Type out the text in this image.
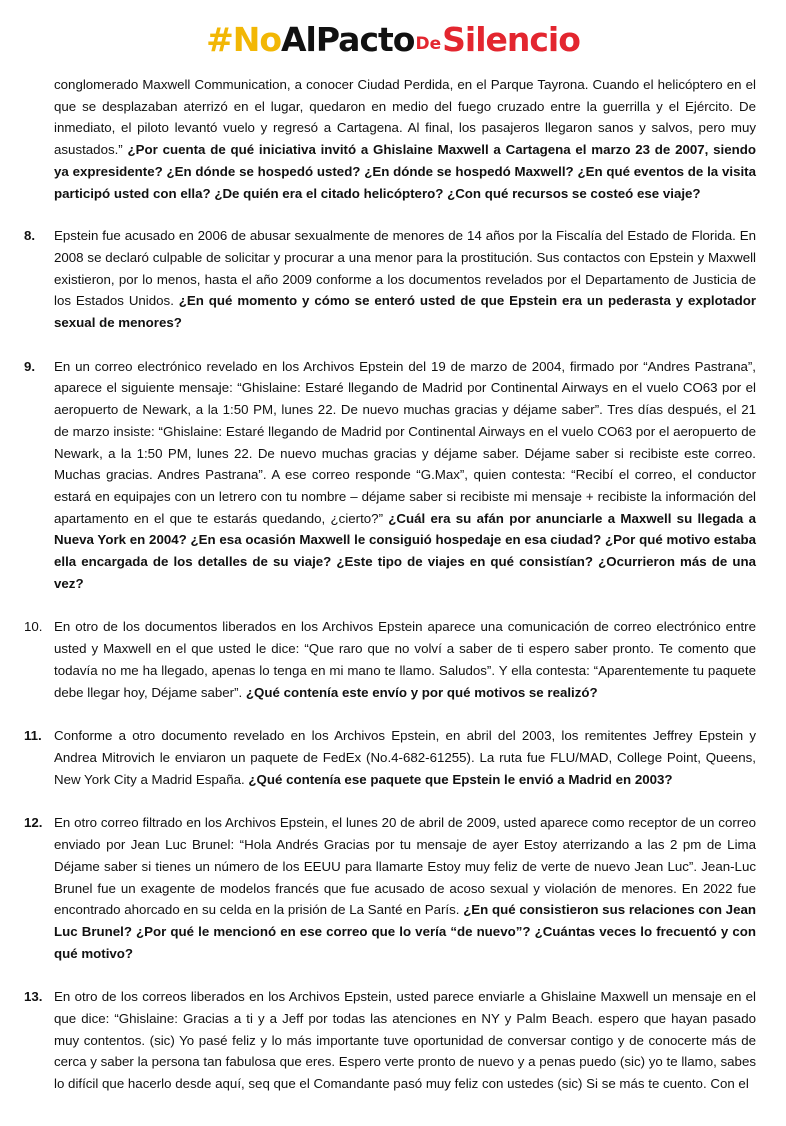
#NoAlPactoDeSilencio
conglomerado Maxwell Communication, a conocer Ciudad Perdida, en el Parque Tayrona. Cuando el helicóptero en el que se desplazaban aterrizó en el lugar, quedaron en medio del fuego cruzado entre la guerrilla y el Ejército. De inmediato, el piloto levantó vuelo y regresó a Cartagena. Al final, los pasajeros llegaron sanos y salvos, pero muy asustados.” ¿Por cuenta de qué iniciativa invitó a Ghislaine Maxwell a Cartagena el marzo 23 de 2007, siendo ya expresidente? ¿En dónde se hospedó usted? ¿En dónde se hospedó Maxwell? ¿En qué eventos de la visita participó usted con ella? ¿De quién era el citado helicóptero? ¿Con qué recursos se costeó ese viaje?
8. Epstein fue acusado en 2006 de abusar sexualmente de menores de 14 años por la Fiscalía del Estado de Florida. En 2008 se declaró culpable de solicitar y procurar a una menor para la prostitución. Sus contactos con Epstein y Maxwell existieron, por lo menos, hasta el año 2009 conforme a los documentos revelados por el Departamento de Justicia de los Estados Unidos. ¿En qué momento y cómo se enteró usted de que Epstein era un pederasta y explotador sexual de menores?
9. En un correo electrónico revelado en los Archivos Epstein del 19 de marzo de 2004, firmado por “Andres Pastrana”, aparece el siguiente mensaje: “Ghislaine: Estaré llegando de Madrid por Continental Airways en el vuelo CO63 por el aeropuerto de Newark, a la 1:50 PM, lunes 22. De nuevo muchas gracias y déjame saber”. Tres días después, el 21 de marzo insiste: “Ghislaine: Estaré llegando de Madrid por Continental Airways en el vuelo CO63 por el aeropuerto de Newark, a la 1:50 PM, lunes 22. De nuevo muchas gracias y déjame saber. Déjame saber si recibiste este correo. Muchas gracias. Andres Pastrana”. A ese correo responde “G.Max”, quien contesta: “Recibí el correo, el conductor estará en equipajes con un letrero con tu nombre – déjame saber si recibiste mi mensaje + recibiste la información del apartamento en el que te estarás quedando, ¿cierto?” ¿Cuál era su afán por anunciarle a Maxwell su llegada a Nueva York en 2004? ¿En esa ocasión Maxwell le consiguió hospedaje en esa ciudad? ¿Por qué motivo estaba ella encargada de los detalles de su viaje? ¿Este tipo de viajes en qué consistían? ¿Ocurrieron más de una vez?
10. En otro de los documentos liberados en los Archivos Epstein aparece una comunicación de correo electrónico entre usted y Maxwell en el que usted le dice: “Que raro que no volví a saber de ti espero saber pronto. Te comento que todavía no me ha llegado, apenas lo tenga en mi mano te llamo. Saludos”. Y ella contesta: “Aparentemente tu paquete debe llegar hoy, Déjame saber”. ¿Qué contenía este envío y por qué motivos se realizó?
11. Conforme a otro documento revelado en los Archivos Epstein, en abril del 2003, los remitentes Jeffrey Epstein y Andrea Mitrovich le enviaron un paquete de FedEx (No.4-682-61255). La ruta fue FLU/MAD, College Point, Queens, New York City a Madrid España. ¿Qué contenía ese paquete que Epstein le envió a Madrid en 2003?
12. En otro correo filtrado en los Archivos Epstein, el lunes 20 de abril de 2009, usted aparece como receptor de un correo enviado por Jean Luc Brunel: “Hola Andrés Gracias por tu mensaje de ayer Estoy aterrizando a las 2 pm de Lima Déjame saber si tienes un número de los EEUU para llamarte Estoy muy feliz de verte de nuevo Jean Luc”. Jean-Luc Brunel fue un exagente de modelos francés que fue acusado de acoso sexual y violación de menores. En 2022 fue encontrado ahorcado en su celda en la prisión de La Santé en París. ¿En qué consistieron sus relaciones con Jean Luc Brunel? ¿Por qué le mencionó en ese correo que lo vería “de nuevo”? ¿Cuántas veces lo frecuentó y con qué motivo?
13. En otro de los correos liberados en los Archivos Epstein, usted parece enviarle a Ghislaine Maxwell un mensaje en el que dice: “Ghislaine: Gracias a ti y a Jeff por todas las atenciones en NY y Palm Beach. espero que hayan pasado muy contentos. (sic) Yo pasé feliz y lo más importante tuve oportunidad de conversar contigo y de conocerte más de cerca y saber la persona tan fabulosa que eres. Espero verte pronto de nuevo y a penas puedo (sic) yo te llamo, sabes lo difícil que hacerlo desde aquí, seq que el Comandante pasó muy feliz con ustedes (sic) Si se más te cuento. Con el
